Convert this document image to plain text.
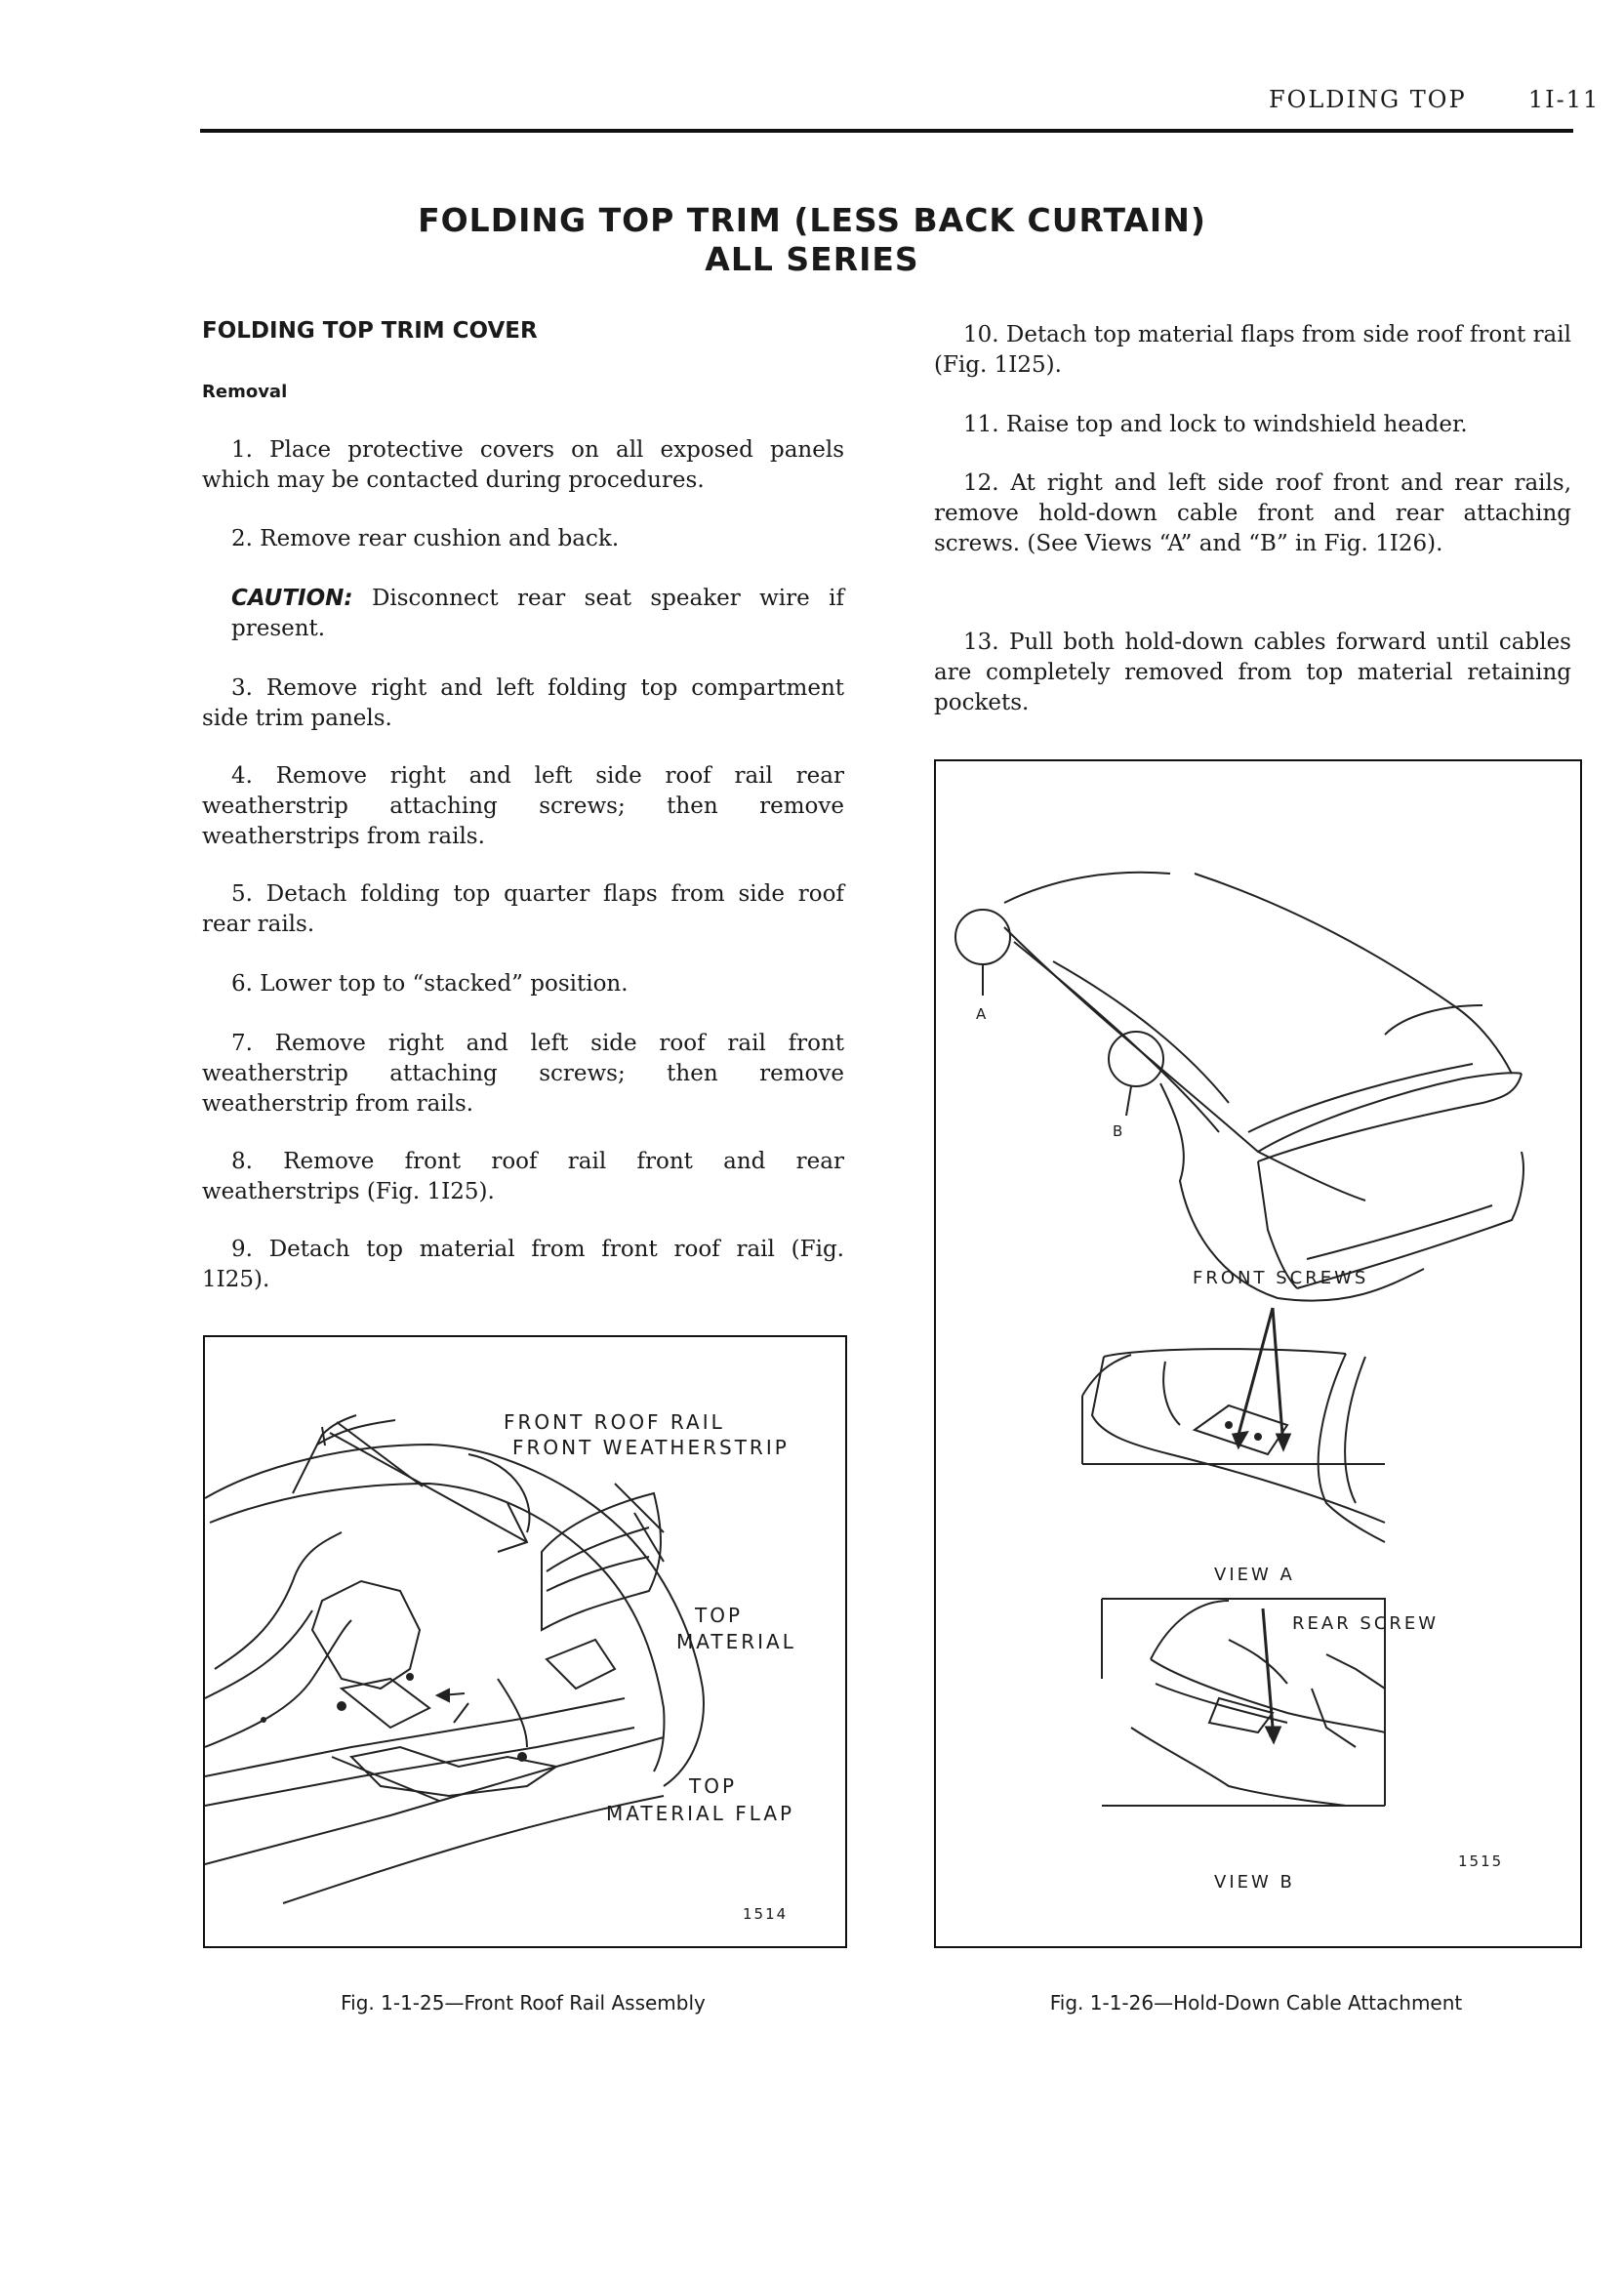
FOLDING TOP	1I-11
FOLDING TOP TRIM (LESS BACK CURTAIN)
ALL SERIES
FOLDING TOP TRIM COVER
Removal
1. Place protective covers on all exposed panels which may be contacted during procedures.
2. Remove rear cushion and back.
CAUTION: Disconnect rear seat speaker wire if present.
3. Remove right and left folding top compartment side trim panels.
4. Remove right and left side roof rail rear weatherstrip attaching screws; then remove weatherstrips from rails.
5. Detach folding top quarter flaps from side roof rear rails.
6. Lower top to “stacked” position.
7. Remove right and left side roof rail front weatherstrip attaching screws; then remove weatherstrip from rails.
8. Remove front roof rail front and rear weatherstrips (Fig. 1I25).
9. Detach top material from front roof rail (Fig. 1I25).
10. Detach top material flaps from side roof front rail (Fig. 1I25).
11. Raise top and lock to windshield header.
12. At right and left side roof front and rear rails, remove hold-down cable front and rear attaching screws. (See Views “A” and “B” in Fig. 1I26).
13. Pull both hold-down cables forward until cables are completely removed from top material retaining pockets.
FRONT ROOF RAIL
FRONT WEATHERSTRIP
TOP
MATERIAL
TOP
MATERIAL FLAP
1514
Fig. 1-1-25—Front Roof Rail Assembly
A
B
FRONT SCREWS
VIEW A
REAR SCREW
VIEW B
1515
Fig. 1-1-26—Hold-Down Cable Attachment
